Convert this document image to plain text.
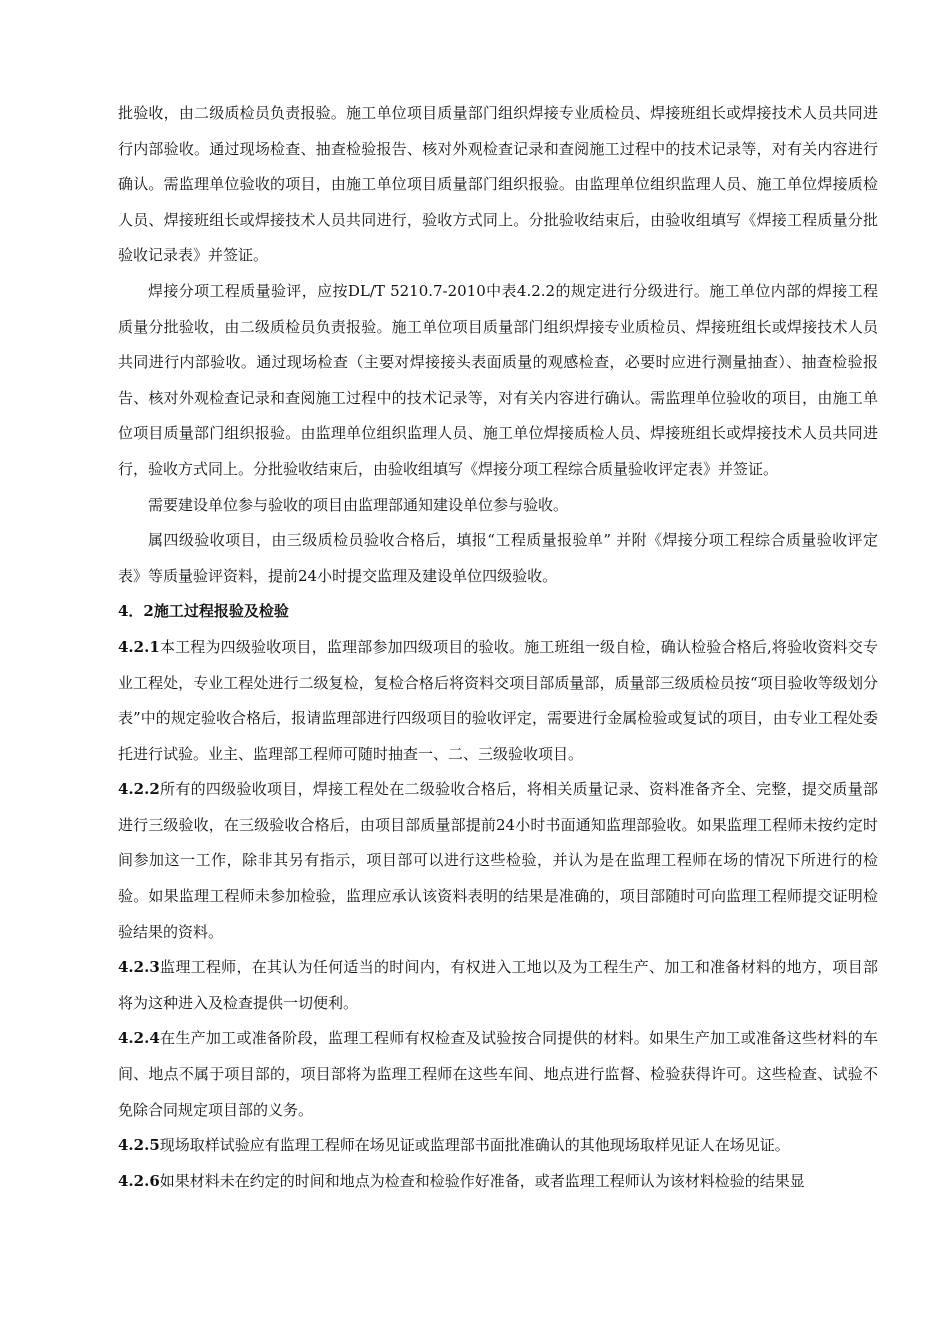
批验收，由二级质检员负责报验。施工单位项目质量部门组织焊接专业质检员、焊接班组长或焊接技术人员共同进行内部验收。通过现场检查、抽查检验报告、核对外观检查记录和查阅施工过程中的技术记录等，对有关内容进行确认。需监理单位验收的项目，由施工单位项目质量部门组织报验。由监理单位组织监理人员、施工单位焊接质检人员、焊接班组长或焊接技术人员共同进行，验收方式同上。分批验收结束后，由验收组填写《焊接工程质量分批验收记录表》并签证。

焊接分项工程质量验评，应按DL/T 5210.7-2010中表4.2.2的规定进行分级进行。施工单位内部的焊接工程质量分批验收，由二级质检员负责报验。施工单位项目质量部门组织焊接专业质检员、焊接班组长或焊接技术人员共同进行内部验收。通过现场检查（主要对焊接接头表面质量的观感检查，必要时应进行测量抽查）、抽查检验报告、核对外观检查记录和查阅施工过程中的技术记录等，对有关内容进行确认。需监理单位验收的项目，由施工单位项目质量部门组织报验。由监理单位组织监理人员、施工单位焊接质检人员、焊接班组长或焊接技术人员共同进行，验收方式同上。分批验收结束后，由验收组填写《焊接分项工程综合质量验收评定表》并签证。

需要建设单位参与验收的项目由监理部通知建设单位参与验收。

属四级验收项目，由三级质检员验收合格后，填报“工程质量报验单” 并附《焊接分项工程综合质量验收评定表》等质量验评资料，提前24小时提交监理及建设单位四级验收。

4．2施工过程报验及检验

4.2.1本工程为四级验收项目，监理部参加四级项目的验收。施工班组一级自检，确认检验合格后,将验收资料交专业工程处，专业工程处进行二级复检，复检合格后将资料交项目部质量部，质量部三级质检员按“项目验收等级划分表”中的规定验收合格后，报请监理部进行四级项目的验收评定，需要进行金属检验或复试的项目，由专业工程处委托进行试验。业主、监理部工程师可随时抽查一、二、三级验收项目。

4.2.2所有的四级验收项目，焊接工程处在二级验收合格后，将相关质量记录、资料准备齐全、完整，提交质量部进行三级验收，在三级验收合格后，由项目部质量部提前24小时书面通知监理部验收。如果监理工程师未按约定时间参加这一工作，除非其另有指示，项目部可以进行这些检验，并认为是在监理工程师在场的情况下所进行的检验。如果监理工程师未参加检验，监理应承认该资料表明的结果是准确的，项目部随时可向监理工程师提交证明检验结果的资料。

4.2.3监理工程师，在其认为任何适当的时间内，有权进入工地以及为工程生产、加工和准备材料的地方，项目部将为这种进入及检查提供一切便利。

4.2.4在生产加工或准备阶段，监理工程师有权检查及试验按合同提供的材料。如果生产加工或准备这些材料的车间、地点不属于项目部的，项目部将为监理工程师在这些车间、地点进行监督、检验获得许可。这些检查、试验不免除合同规定项目部的义务。

4.2.5现场取样试验应有监理工程师在场见证或监理部书面批准确认的其他现场取样见证人在场见证。

4.2.6如果材料未在约定的时间和地点为检查和检验作好准备，或者监理工程师认为该材料检验的结果显
